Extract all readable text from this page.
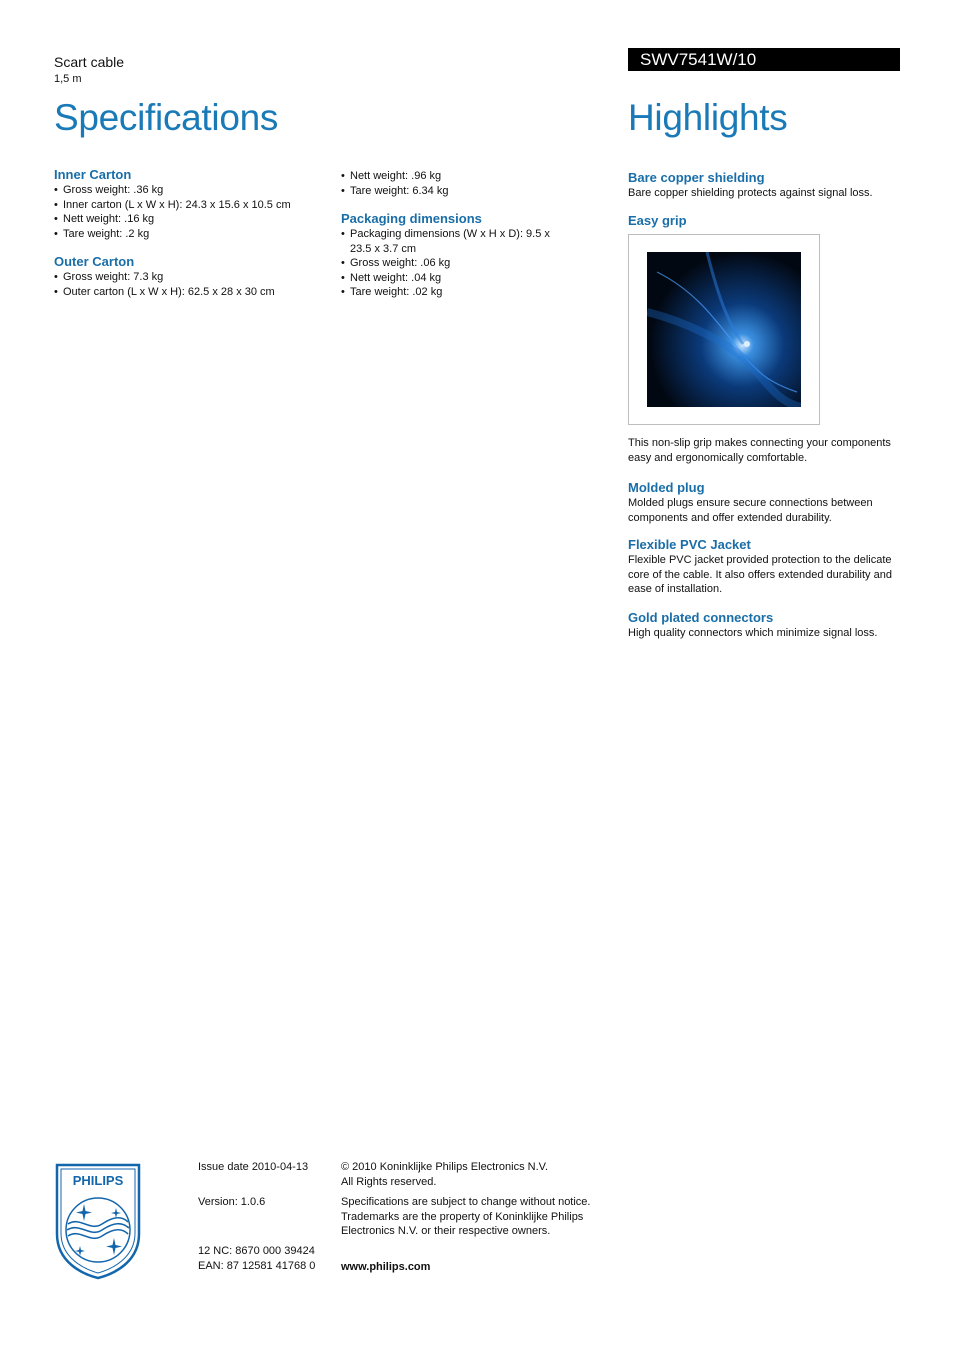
Scart cable
1,5 m
Specifications
SWV7541W/10
Highlights
Inner Carton
• Gross weight: .36 kg
• Inner carton (L x W x H): 24.3 x 15.6 x 10.5 cm
• Nett weight: .16 kg
• Tare weight: .2 kg
Outer Carton
• Gross weight: 7.3 kg
• Outer carton (L x W x H): 62.5 x 28 x 30 cm
• Nett weight: .96 kg
• Tare weight: 6.34 kg
Packaging dimensions
• Packaging dimensions (W x H x D): 9.5 x 23.5 x 3.7 cm
• Gross weight: .06 kg
• Nett weight: .04 kg
• Tare weight: .02 kg
Bare copper shielding

Bare copper shielding protects against signal loss.

Easy grip

This non-slip grip makes connecting your components easy and ergonomically comfortable.

Molded plug

Molded plugs ensure secure connections between components and offer extended durability.

Flexible PVC Jacket

Flexible PVC jacket provided protection to the delicate core of the cable. It also offers extended durability and ease of installation.

Gold plated connectors

High quality connectors which minimize signal loss.

PHILIPS

Issue date 2010-04-13

Version: 1.0.6

12 NC: 8670 000 39424

EAN: 87 12581 41768 0

© 2010 Koninklijke Philips Electronics N.V.

All Rights reserved.

Specifications are subject to change without notice.

Trademarks are the property of Koninklijke Philips

Electronics N.V. or their respective owners.

www.philips.com
